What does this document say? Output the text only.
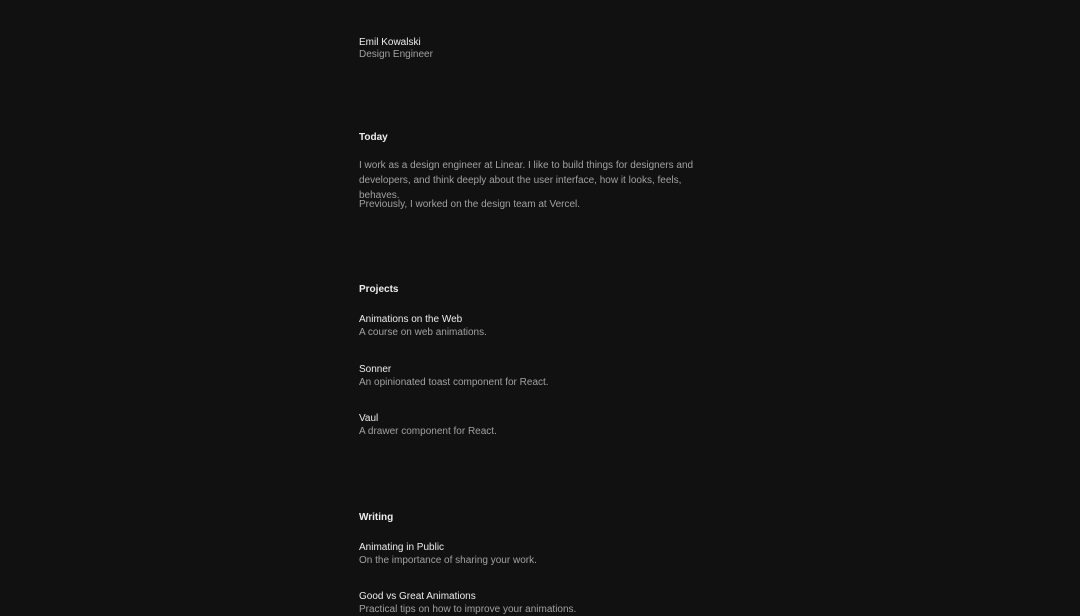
Emil Kowalski
Design Engineer
Today

I work as a design engineer at Linear. I like to build things for designers and developers, and think deeply about the user interface, how it looks, feels, behaves.

Previously, I worked on the design team at Vercel.

Projects
Animations on the Web
A course on web animations.
Sonner
An opinionated toast component for React.
Vaul
A drawer component for React.
Writing
Animating in Public
On the importance of sharing your work.
Good vs Great Animations
Practical tips on how to improve your animations.
